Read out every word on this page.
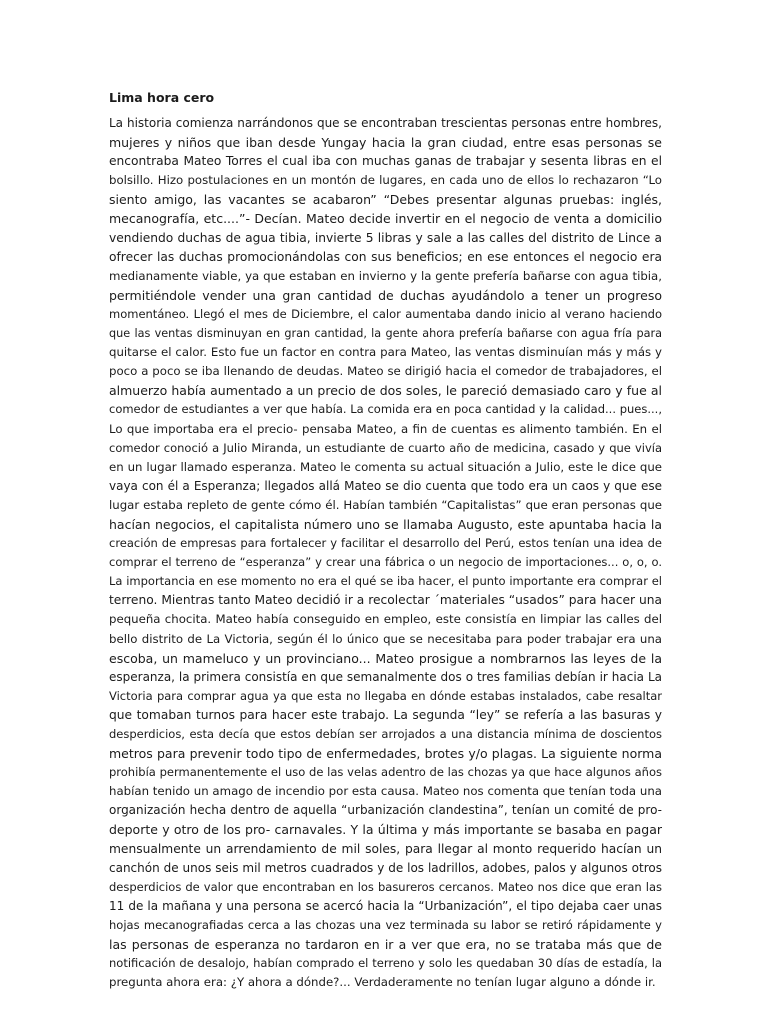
Lima hora cero
La historia comienza narrándonos que se encontraban trescientas personas entre hombres,
mujeres y niños que iban desde Yungay hacia la gran ciudad, entre esas personas se
encontraba Mateo Torres el cual iba con muchas ganas de trabajar y sesenta libras en el
bolsillo. Hizo postulaciones en un montón de lugares, en cada uno de ellos lo rechazaron “Lo
siento amigo, las vacantes se acabaron” “Debes presentar algunas pruebas: inglés,
mecanografía, etc....”- Decían. Mateo decide invertir en el negocio de venta a domicilio
vendiendo duchas de agua tibia, invierte 5 libras y sale a las calles del distrito de Lince a
ofrecer las duchas promocionándolas con sus beneficios; en ese entonces el negocio era
medianamente viable, ya que estaban en invierno y la gente prefería bañarse con agua tibia,
permitiéndole vender una gran cantidad de duchas ayudándolo a tener un progreso
momentáneo. Llegó el mes de Diciembre, el calor aumentaba dando inicio al verano haciendo
que las ventas disminuyan en gran cantidad, la gente ahora prefería bañarse con agua fría para
quitarse el calor. Esto fue un factor en contra para Mateo, las ventas disminuían más y más y
poco a poco se iba llenando de deudas. Mateo se dirigió hacia el comedor de trabajadores, el
almuerzo había aumentado a un precio de dos soles, le pareció demasiado caro y fue al
comedor de estudiantes a ver que había. La comida era en poca cantidad y la calidad... pues...,
Lo que importaba era el precio- pensaba Mateo, a fin de cuentas es alimento también. En el
comedor conoció a Julio Miranda, un estudiante de cuarto año de medicina, casado y que vivía
en un lugar llamado esperanza. Mateo le comenta su actual situación a Julio, este le dice que
vaya con él a Esperanza; llegados allá Mateo se dio cuenta que todo era un caos y que ese
lugar estaba repleto de gente cómo él. Habían también “Capitalistas” que eran personas que
hacían negocios, el capitalista número uno se llamaba Augusto, este apuntaba hacia la
creación de empresas para fortalecer y facilitar el desarrollo del Perú, estos tenían una idea de
comprar el terreno de “esperanza” y crear una fábrica o un negocio de importaciones... o, o, o.
La importancia en ese momento no era el qué se iba hacer, el punto importante era comprar el
terreno. Mientras tanto Mateo decidió ir a recolectar ´materiales “usados” para hacer una
pequeña chocita. Mateo había conseguido en empleo, este consistía en limpiar las calles del
bello distrito de La Victoria, según él lo único que se necesitaba para poder trabajar era una
escoba, un mameluco y un provinciano... Mateo prosigue a nombrarnos las leyes de la
esperanza, la primera consistía en que semanalmente dos o tres familias debían ir hacia La
Victoria para comprar agua ya que esta no llegaba en dónde estabas instalados, cabe resaltar
que tomaban turnos para hacer este trabajo. La segunda “ley” se refería a las basuras y
desperdicios, esta decía que estos debían ser arrojados a una distancia mínima de doscientos
metros para prevenir todo tipo de enfermedades, brotes y/o plagas. La siguiente norma
prohibía permanentemente el uso de las velas adentro de las chozas ya que hace algunos años
habían tenido un amago de incendio por esta causa. Mateo nos comenta que tenían toda una
organización hecha dentro de aquella “urbanización clandestina”, tenían un comité de pro-
deporte y otro de los pro- carnavales. Y la última y más importante se basaba en pagar
mensualmente un arrendamiento de mil soles, para llegar al monto requerido hacían un
canchón de unos seis mil metros cuadrados y de los ladrillos, adobes, palos y algunos otros
desperdicios de valor que encontraban en los basureros cercanos. Mateo nos dice que eran las
11 de la mañana y una persona se acercó hacia la “Urbanización”, el tipo dejaba caer unas
hojas mecanografiadas cerca a las chozas una vez terminada su labor se retiró rápidamente y
las personas de esperanza no tardaron en ir a ver que era, no se trataba más que de
notificación de desalojo, habían comprado el terreno y solo les quedaban 30 días de estadía, la
pregunta ahora era: ¿Y ahora a dónde?... Verdaderamente no tenían lugar alguno a dónde ir.
